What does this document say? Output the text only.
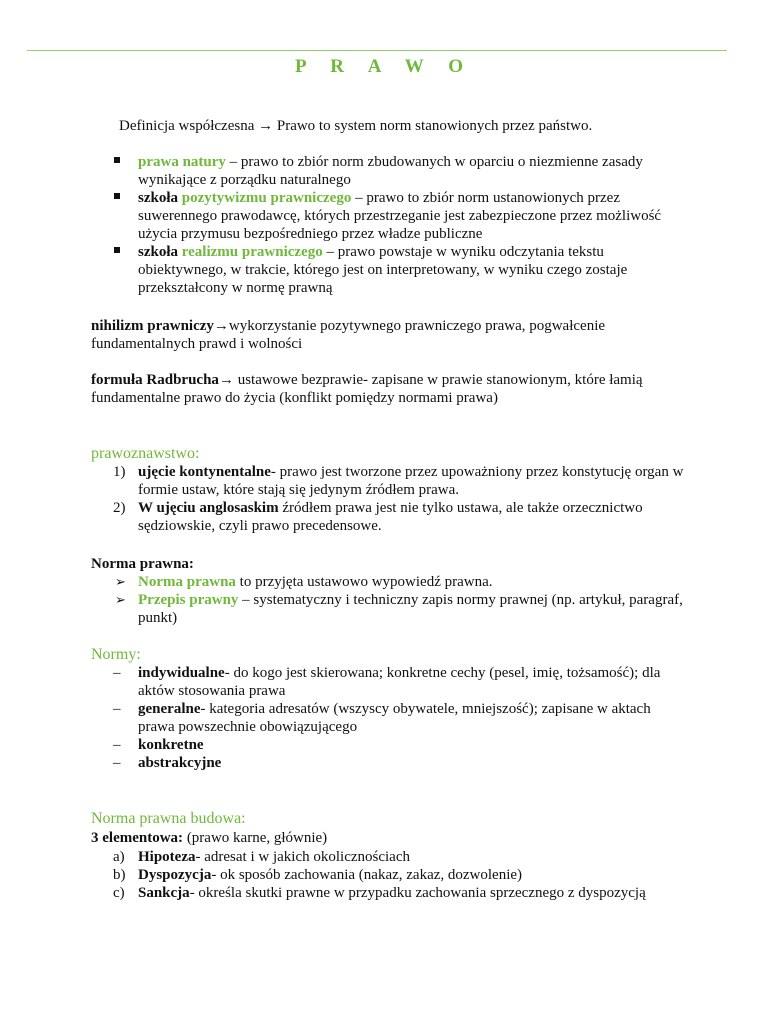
P R A W O
Definicja współczesna → Prawo to system norm stanowionych przez państwo.
prawa natury – prawo to zbiór norm zbudowanych w oparciu o niezmienne zasady wynikające z porządku naturalnego
szkoła pozytywizmu prawniczego – prawo to zbiór norm ustanowionych przez suwerennego prawodawcę, których przestrzeganie jest zabezpieczone przez możliwość użycia przymusu bezpośredniego przez władze publiczne
szkoła realizmu prawniczego – prawo powstaje w wyniku odczytania tekstu obiektywnego, w trakcie, którego jest on interpretowany, w wyniku czego zostaje przekształcony w normę prawną
nihilizm prawniczy→wykorzystanie pozytywnego prawniczego prawa, pogwałcenie fundamentalnych prawd i wolności
formuła Radbrucha→ ustawowe bezprawie- zapisane w prawie stanowionym, które łamią fundamentalne prawo do życia (konflikt pomiędzy normami prawa)
prawoznawstwo:
1) ujęcie kontynentalne- prawo jest tworzone przez upoważniony przez konstytucję organ w formie ustaw, które stają się jedynym źródłem prawa.
2) W ujęciu anglosaskim źródłem prawa jest nie tylko ustawa, ale także orzecznictwo sędziowskie, czyli prawo precedensowe.
Norma prawna:
➢ Norma prawna to przyjęta ustawowo wypowiedź prawna.
➢ Przepis prawny – systematyczny i techniczny zapis normy prawnej (np. artykuł, paragraf, punkt)
Normy:
–	indywidualne- do kogo jest skierowana; konkretne cechy (pesel, imię, tożsamość); dla aktów stosowania prawa
–	generalne- kategoria adresatów (wszyscy obywatele, mniejszość); zapisane w aktach prawa powszechnie obowiązującego
–	konkretne
–	abstrakcyjne
Norma prawna budowa:
3 elementowa: (prawo karne, głównie)
a) Hipoteza- adresat i w jakich okolicznościach
b) Dyspozycja- ok sposób zachowania (nakaz, zakaz, dozwolenie)
c) Sankcja- określa skutki prawne w przypadku zachowania sprzecznego z dyspozycją
